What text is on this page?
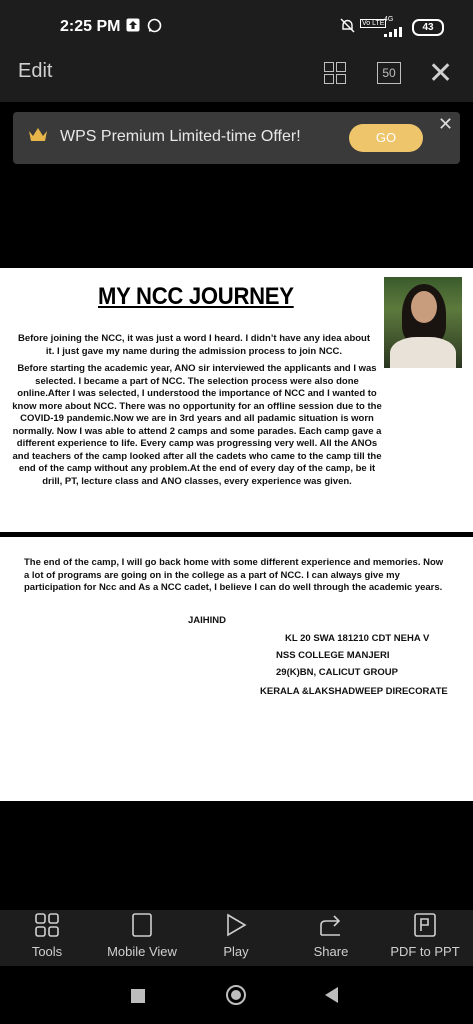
2:25 PM	Vo LTE
4G
43
Edit	50 ✕
WPS Premium Limited-time Offer!	GO
✕
MY NCC JOURNEY
Before joining the NCC, it was just a word I heard. I didn’t have any idea about it. I just gave my name during the admission process to join NCC.
Before starting the academic year, ANO sir interviewed the applicants and I was selected. I became a part of NCC. The selection process were also done online.After I was selected, I understood the importance of NCC and I wanted to know more about NCC. There was no opportunity for an offline session due to the COVID-19 pandemic.Now we are in 3rd years and all padamic situation is worn normally. Now I was able to attend 2 camps and some parades. Each camp gave a different experience to life. Every camp was progressing very well. All the ANOs and teachers of the camp looked after all the cadets who came to the camp till the end of the camp without any problem.At the end of every day of the camp, be it drill, PT, lecture class and ANO classes, every experience was given.
The end of the camp, I will go back home with some different experience and memories. Now a lot of programs are going on in the college as a part of NCC. I can always give my participation for Ncc and As a NCC cadet, I believe I can do well through the academic years.
JAIHIND
KL 20 SWA 181210 CDT NEHA V
NSS COLLEGE MANJERI
29(K)BN, CALICUT GROUP
KERALA &LAKSHADWEEP DIRECORATE
Tools	Mobile View	Play	Share	PDF to PPT
